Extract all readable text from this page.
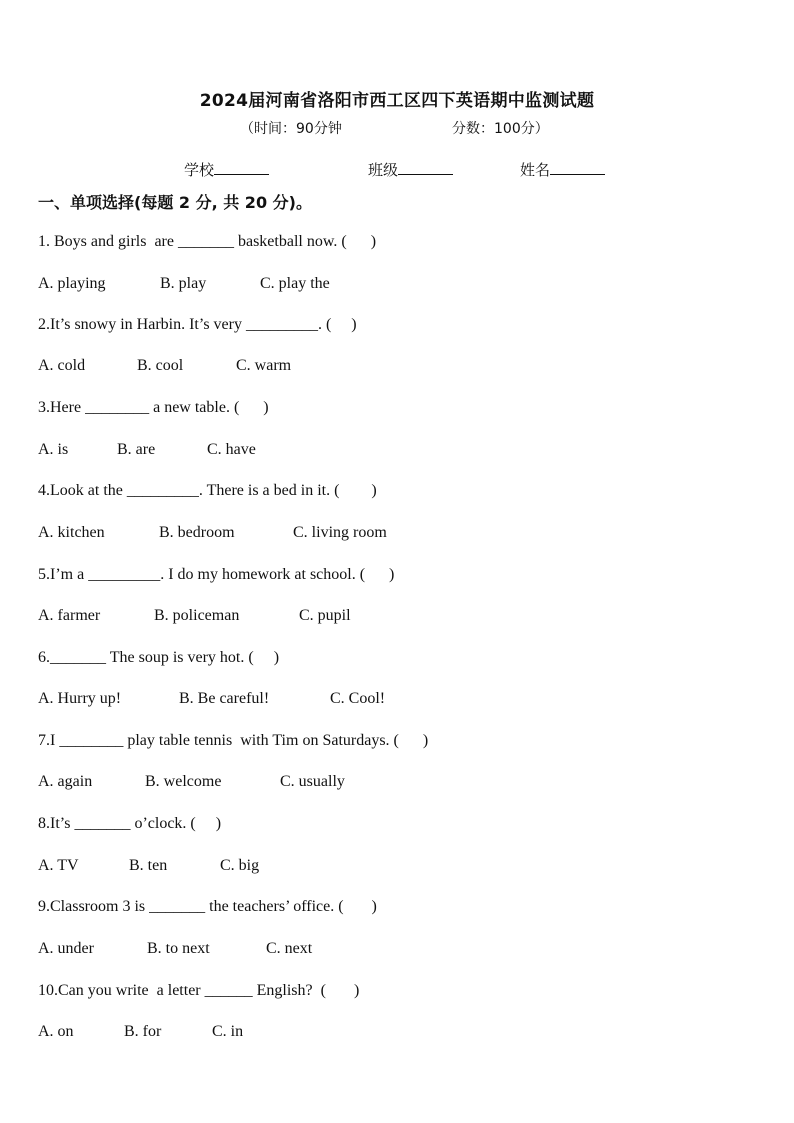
2024届河南省洛阳市西工区四下英语期中监测试题
（时间：90分钟	分数：100分）
学校	班级	姓名
一、单项选择(每题 2 分, 共 20 分)。
1. Boys and girls  are _______ basketball now. (      )
A. playing	B. play	C. play the
2.It’s snowy in Harbin. It’s very _________. (     )
A. cold	B. cool	C. warm
3.Here ________ a new table. (      )
A. is	B. are	C. have
4.Look at the _________. There is a bed in it. (        )
A. kitchen	B. bedroom	C. living room
5.I’m a _________. I do my homework at school. (      )
A. farmer	B. policeman	C. pupil
6._______ The soup is very hot. (     )
A. Hurry up!	B. Be careful!	C. Cool!
7.I ________ play table tennis  with Tim on Saturdays. (      )
A. again	B. welcome	C. usually
8.It’s _______ o’clock. (     )
A. TV	B. ten	C. big
9.Classroom 3 is _______ the teachers’ office. (       )
A. under	B. to next	C. next
10.Can you write  a letter ______ English?  (       )
A. on	B. for	C. in
